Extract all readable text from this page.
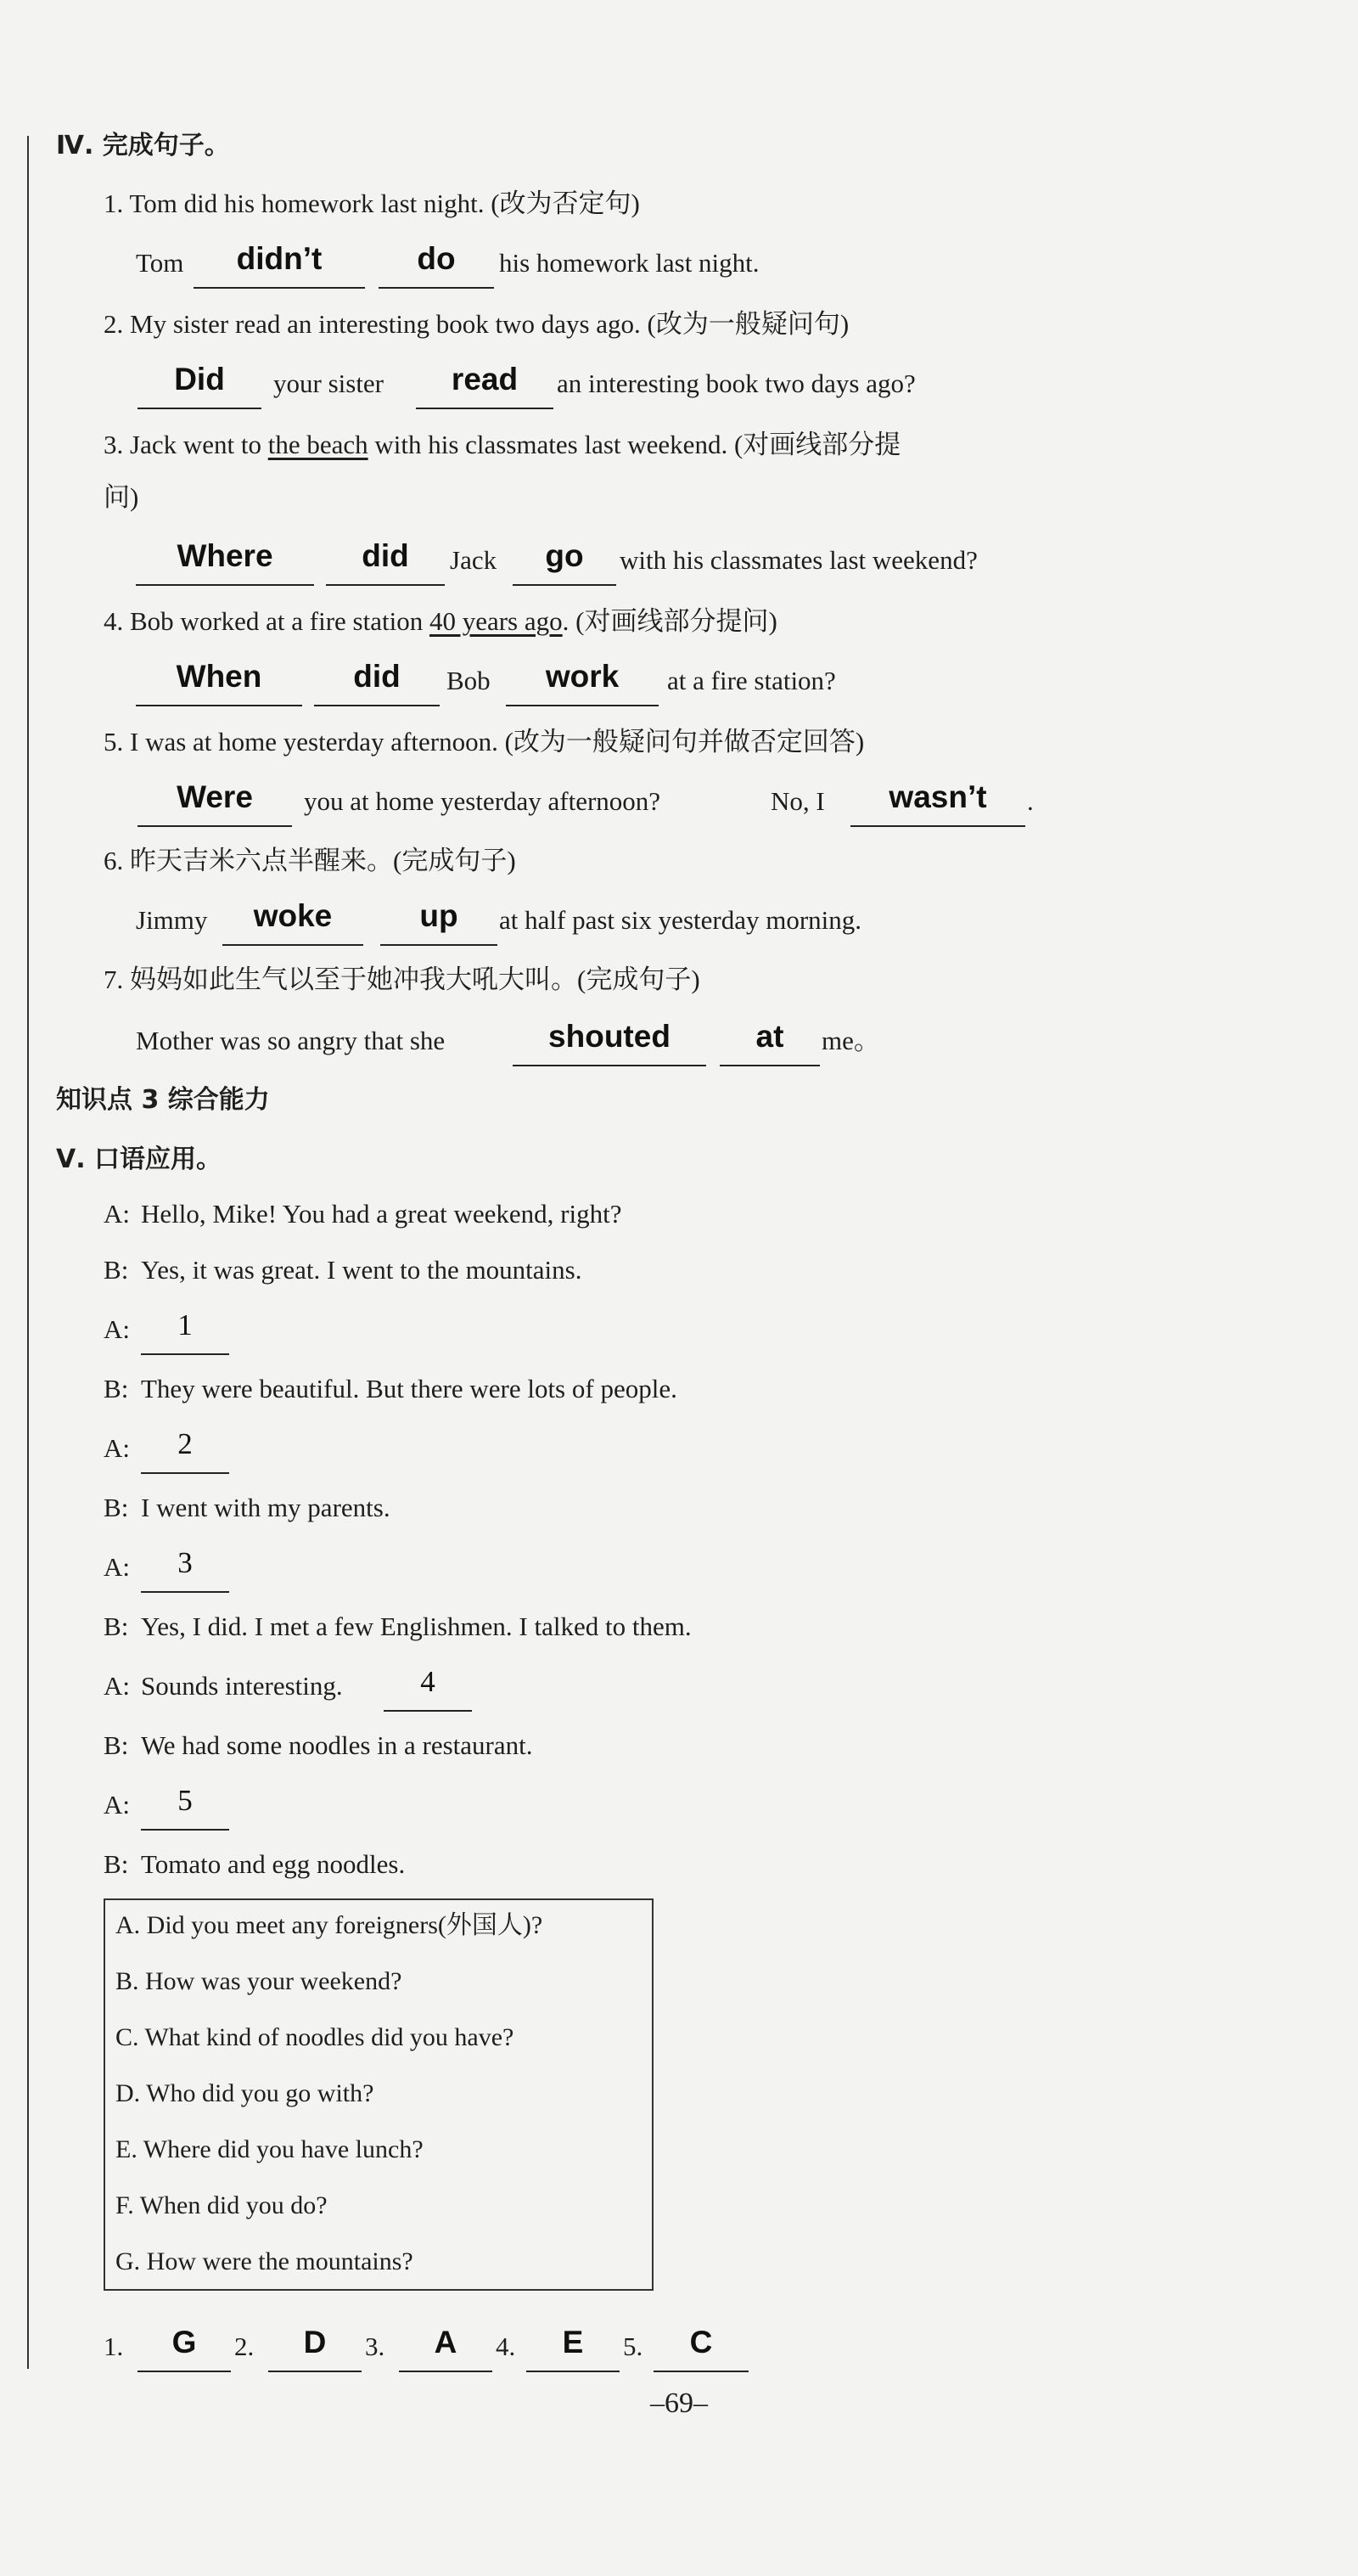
Ⅳ. 完成句子。
1. Tom did his homework last night. (改为否定句)
Tom	didn’t	do	his homework last night.
2. My sister read an interesting book two days ago. (改为一般疑问句)
Did	your sister	read	an interesting book two days ago?
3. Jack went to the beach with his classmates last weekend. (对画线部分提
问)
Where	did	Jack	go	with his classmates last weekend?
4. Bob worked at a fire station 40 years ago. (对画线部分提问)
When	did	Bob	work	at a fire station?
5. I was at home yesterday afternoon. (改为一般疑问句并做否定回答)
Were	you at home yesterday afternoon?	No, I	wasn’t	.
6. 昨天吉米六点半醒来。(完成句子)
Jimmy	woke	up	at half past six yesterday morning.
7. 妈妈如此生气以至于她冲我大吼大叫。(完成句子)
Mother was so angry that she	shouted	at	me。
知识点 3 综合能力
Ⅴ. 口语应用。
A: Hello, Mike! You had a great weekend, right?
B: Yes, it was great. I went to the mountains.
A:	1
B: They were beautiful. But there were lots of people.
A:	2
B: I went with my parents.
A:	3
B: Yes, I did. I met a few Englishmen. I talked to them.
A: Sounds interesting.	4
B: We had some noodles in a restaurant.
A:	5
B: Tomato and egg noodles.
A. Did you meet any foreigners(外国人)?
B. How was your weekend?
C. What kind of noodles did you have?
D. Who did you go with?
E. Where did you have lunch?
F. When did you do?
G. How were the mountains?
1.	G	2.	D	3.	A	4.	E	5.	C
–69–
